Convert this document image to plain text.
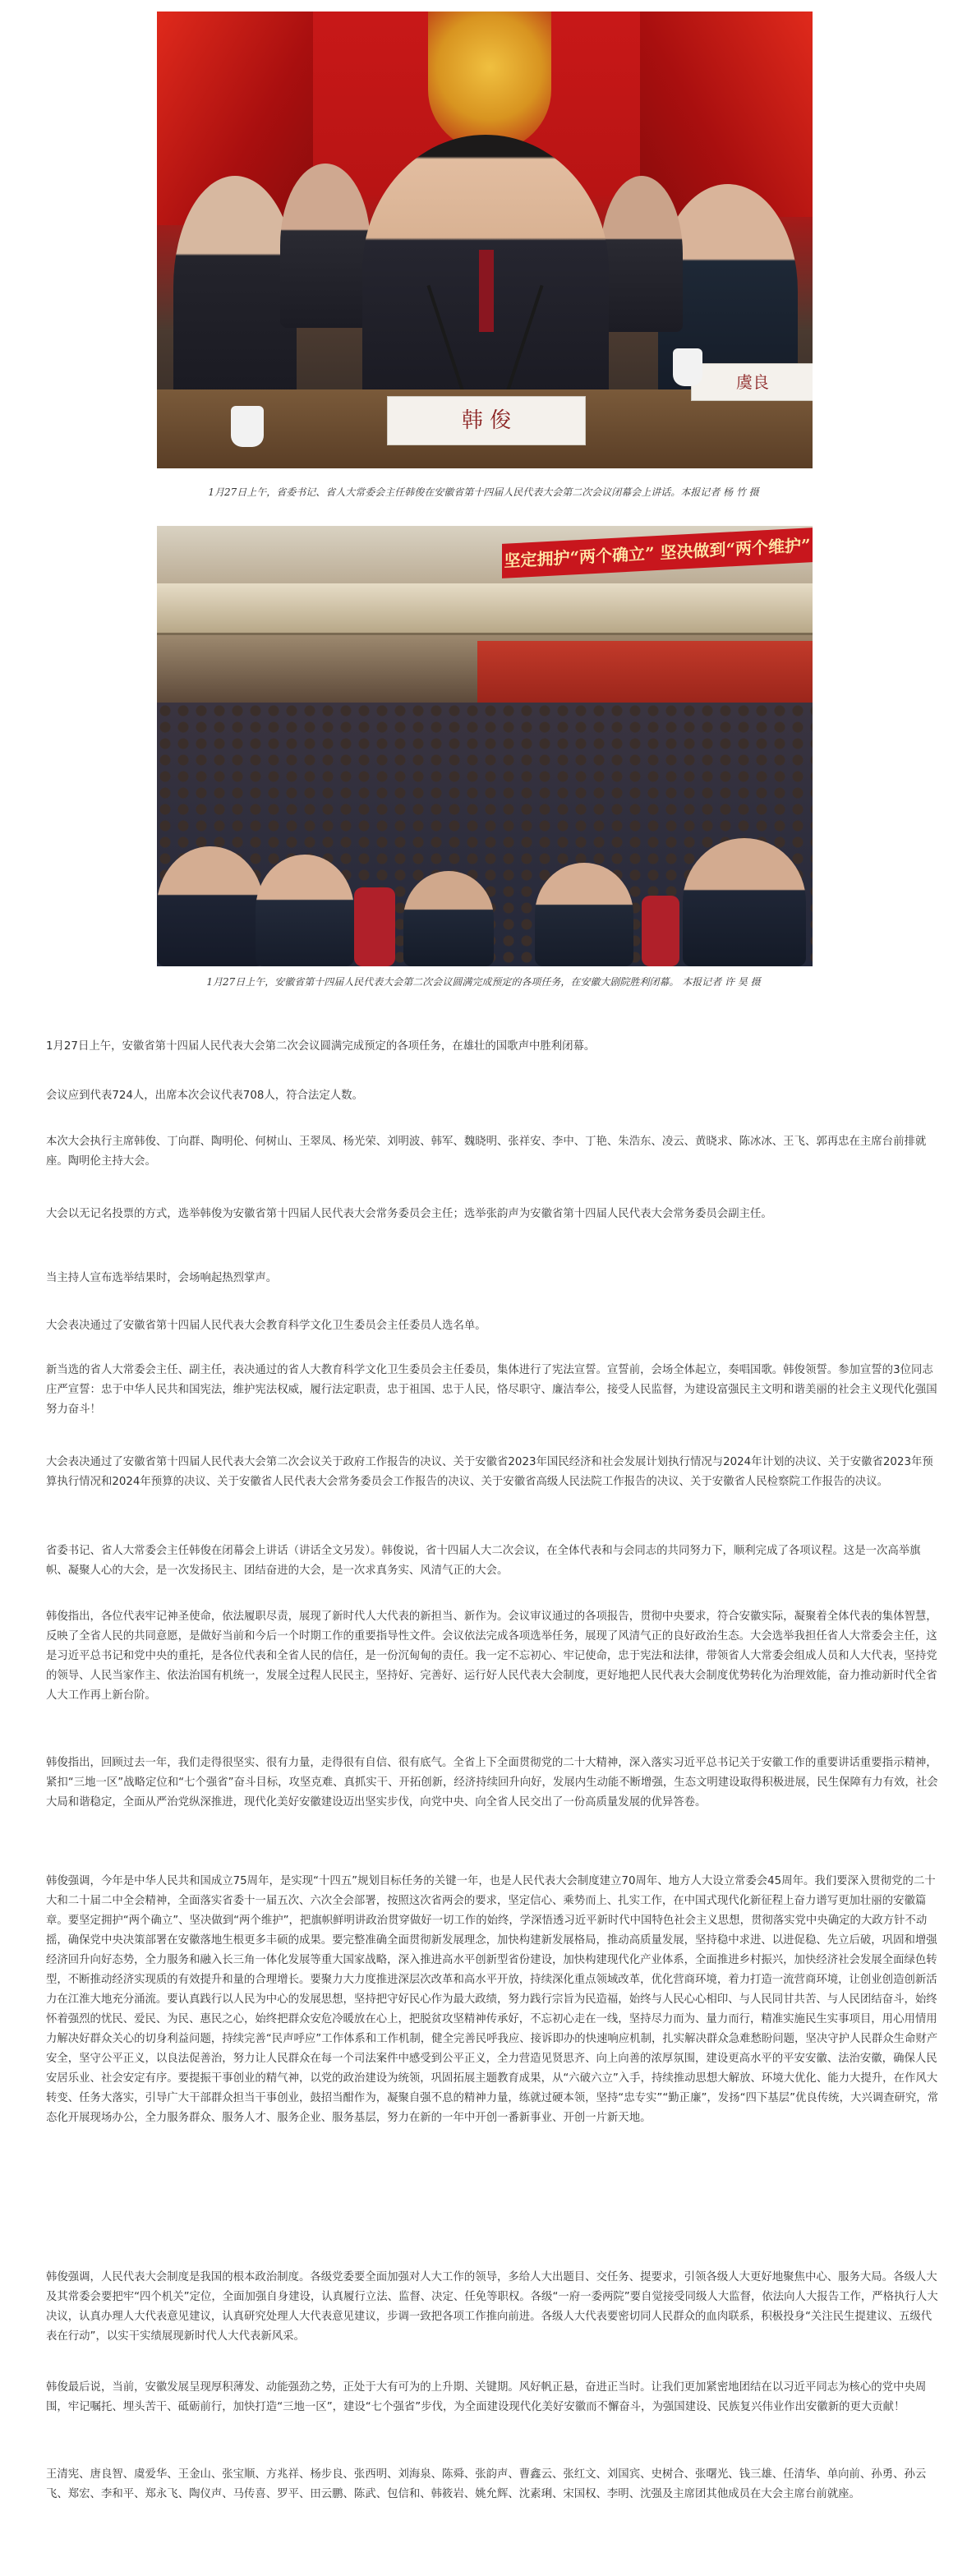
韩 俊
虞良
1月27日上午，省委书记、省人大常委会主任韩俊在安徽省第十四届人民代表大会第二次会议闭幕会上讲话。本报记者 杨 竹 摄
坚定拥护“两个确立” 坚决做到“两个维护”
1月27日上午，安徽省第十四届人民代表大会第二次会议圆满完成预定的各项任务，在安徽大剧院胜利闭幕。 本报记者 许 昊 摄

1月27日上午，安徽省第十四届人民代表大会第二次会议圆满完成预定的各项任务，在雄壮的国歌声中胜利闭幕。

会议应到代表724人，出席本次会议代表708人，符合法定人数。

本次大会执行主席韩俊、丁向群、陶明伦、何树山、王翠凤、杨光荣、刘明波、韩军、魏晓明、张祥安、李中、丁艳、朱浩东、凌云、黄晓求、陈冰冰、王飞、郭再忠在主席台前排就座。陶明伦主持大会。

大会以无记名投票的方式，选举韩俊为安徽省第十四届人民代表大会常务委员会主任；选举张韵声为安徽省第十四届人民代表大会常务委员会副主任。

当主持人宣布选举结果时，会场响起热烈掌声。

大会表决通过了安徽省第十四届人民代表大会教育科学文化卫生委员会主任委员人选名单。

新当选的省人大常委会主任、副主任，表决通过的省人大教育科学文化卫生委员会主任委员，集体进行了宪法宣誓。宣誓前，会场全体起立，奏唱国歌。韩俊领誓。参加宣誓的3位同志庄严宣誓：忠于中华人民共和国宪法，维护宪法权威，履行法定职责，忠于祖国、忠于人民，恪尽职守、廉洁奉公，接受人民监督，为建设富强民主文明和谐美丽的社会主义现代化强国努力奋斗！

大会表决通过了安徽省第十四届人民代表大会第二次会议关于政府工作报告的决议、关于安徽省2023年国民经济和社会发展计划执行情况与2024年计划的决议、关于安徽省2023年预算执行情况和2024年预算的决议、关于安徽省人民代表大会常务委员会工作报告的决议、关于安徽省高级人民法院工作报告的决议、关于安徽省人民检察院工作报告的决议。

省委书记、省人大常委会主任韩俊在闭幕会上讲话（讲话全文另发）。韩俊说，省十四届人大二次会议，在全体代表和与会同志的共同努力下，顺利完成了各项议程。这是一次高举旗帜、凝聚人心的大会，是一次发扬民主、团结奋进的大会，是一次求真务实、风清气正的大会。

韩俊指出，各位代表牢记神圣使命，依法履职尽责，展现了新时代人大代表的新担当、新作为。会议审议通过的各项报告，贯彻中央要求，符合安徽实际，凝聚着全体代表的集体智慧，反映了全省人民的共同意愿，是做好当前和今后一个时期工作的重要指导性文件。会议依法完成各项选举任务，展现了风清气正的良好政治生态。大会选举我担任省人大常委会主任，这是习近平总书记和党中央的重托，是各位代表和全省人民的信任，是一份沉甸甸的责任。我一定不忘初心、牢记使命，忠于宪法和法律，带领省人大常委会组成人员和人大代表，坚持党的领导、人民当家作主、依法治国有机统一，发展全过程人民民主，坚持好、完善好、运行好人民代表大会制度，更好地把人民代表大会制度优势转化为治理效能，奋力推动新时代全省人大工作再上新台阶。

韩俊指出，回顾过去一年，我们走得很坚实、很有力量，走得很有自信、很有底气。全省上下全面贯彻党的二十大精神，深入落实习近平总书记关于安徽工作的重要讲话重要指示精神，紧扣“三地一区”战略定位和“七个强省”奋斗目标，攻坚克难、真抓实干、开拓创新，经济持续回升向好，发展内生动能不断增强，生态文明建设取得积极进展，民生保障有力有效，社会大局和谐稳定，全面从严治党纵深推进，现代化美好安徽建设迈出坚实步伐，向党中央、向全省人民交出了一份高质量发展的优异答卷。

韩俊强调，今年是中华人民共和国成立75周年，是实现“十四五”规划目标任务的关键一年，也是人民代表大会制度建立70周年、地方人大设立常委会45周年。我们要深入贯彻党的二十大和二十届二中全会精神，全面落实省委十一届五次、六次全会部署，按照这次省两会的要求，坚定信心、乘势而上、扎实工作，在中国式现代化新征程上奋力谱写更加壮丽的安徽篇章。要坚定拥护“两个确立”、坚决做到“两个维护”，把旗帜鲜明讲政治贯穿做好一切工作的始终，学深悟透习近平新时代中国特色社会主义思想，贯彻落实党中央确定的大政方针不动摇，确保党中央决策部署在安徽落地生根更多丰硕的成果。要完整准确全面贯彻新发展理念，加快构建新发展格局，推动高质量发展，坚持稳中求进、以进促稳、先立后破，巩固和增强经济回升向好态势，全力服务和融入长三角一体化发展等重大国家战略，深入推进高水平创新型省份建设，加快构建现代化产业体系，全面推进乡村振兴，加快经济社会发展全面绿色转型，不断推动经济实现质的有效提升和量的合理增长。要聚力大力度推进深层次改革和高水平开放，持续深化重点领域改革，优化营商环境，着力打造一流营商环境，让创业创造创新活力在江淮大地充分涌流。要认真践行以人民为中心的发展思想，坚持把守好民心作为最大政绩，努力践行宗旨为民造福，始终与人民心心相印、与人民同甘共苦、与人民团结奋斗，始终怀着强烈的忧民、爱民、为民、惠民之心，始终把群众安危冷暖放在心上，把脱贫攻坚精神传承好，不忘初心走在一线，坚持尽力而为、量力而行，精准实施民生实事项目，用心用情用力解决好群众关心的切身利益问题，持续完善“民声呼应”工作体系和工作机制，健全完善民呼我应、接诉即办的快速响应机制，扎实解决群众急难愁盼问题，坚决守护人民群众生命财产安全，坚守公平正义，以良法促善治，努力让人民群众在每一个司法案件中感受到公平正义，全力营造见贤思齐、向上向善的浓厚氛围，建设更高水平的平安安徽、法治安徽，确保人民安居乐业、社会安定有序。要提振干事创业的精气神，以党的政治建设为统领，巩固拓展主题教育成果，从“六破六立”入手，持续推动思想大解放、环境大优化、能力大提升，在作风大转变、任务大落实，引导广大干部群众担当干事创业，鼓招当酣作为，凝聚自强不息的精神力量，练就过硬本领，坚持“忠专实”“勤正廉”，发扬“四下基层”优良传统，大兴调查研究，常态化开展现场办公，全力服务群众、服务人才、服务企业、服务基层，努力在新的一年中开创一番新事业、开创一片新天地。

韩俊强调，人民代表大会制度是我国的根本政治制度。各级党委要全面加强对人大工作的领导，多给人大出题目、交任务、提要求，引领各级人大更好地聚焦中心、服务大局。各级人大及其常委会要把牢“四个机关”定位，全面加强自身建设，认真履行立法、监督、决定、任免等职权。各级“一府一委两院”要自觉接受同级人大监督，依法向人大报告工作，严格执行人大决议，认真办理人大代表意见建议，认真研究处理人大代表意见建议，步调一致把各项工作推向前进。各级人大代表要密切同人民群众的血肉联系，积极投身“关注民生提建议、五级代表在行动”，以实干实绩展现新时代人大代表新风采。

韩俊最后说，当前，安徽发展呈现厚积薄发、动能强劲之势，正处于大有可为的上升期、关键期。风好帆正悬，奋进正当时。让我们更加紧密地团结在以习近平同志为核心的党中央周围，牢记嘱托、埋头苦干、砥砺前行，加快打造“三地一区”，建设“七个强省”步伐，为全面建设现代化美好安徽而不懈奋斗，为强国建设、民族复兴伟业作出安徽新的更大贡献！

王清宪、唐良智、虞爱华、王金山、张宝顺、方兆祥、杨步良、张西明、刘海泉、陈舜、张韵声、曹鑫云、张红文、刘国宾、史树合、张曙光、钱三雄、任清华、单向前、孙勇、孙云飞、郑宏、李和平、郑永飞、陶仪声、马传喜、罗平、田云鹏、陈武、包信和、韩筱岩、姚允辉、沈素琍、宋国权、李明、沈强及主席团其他成员在大会主席台前就座。
